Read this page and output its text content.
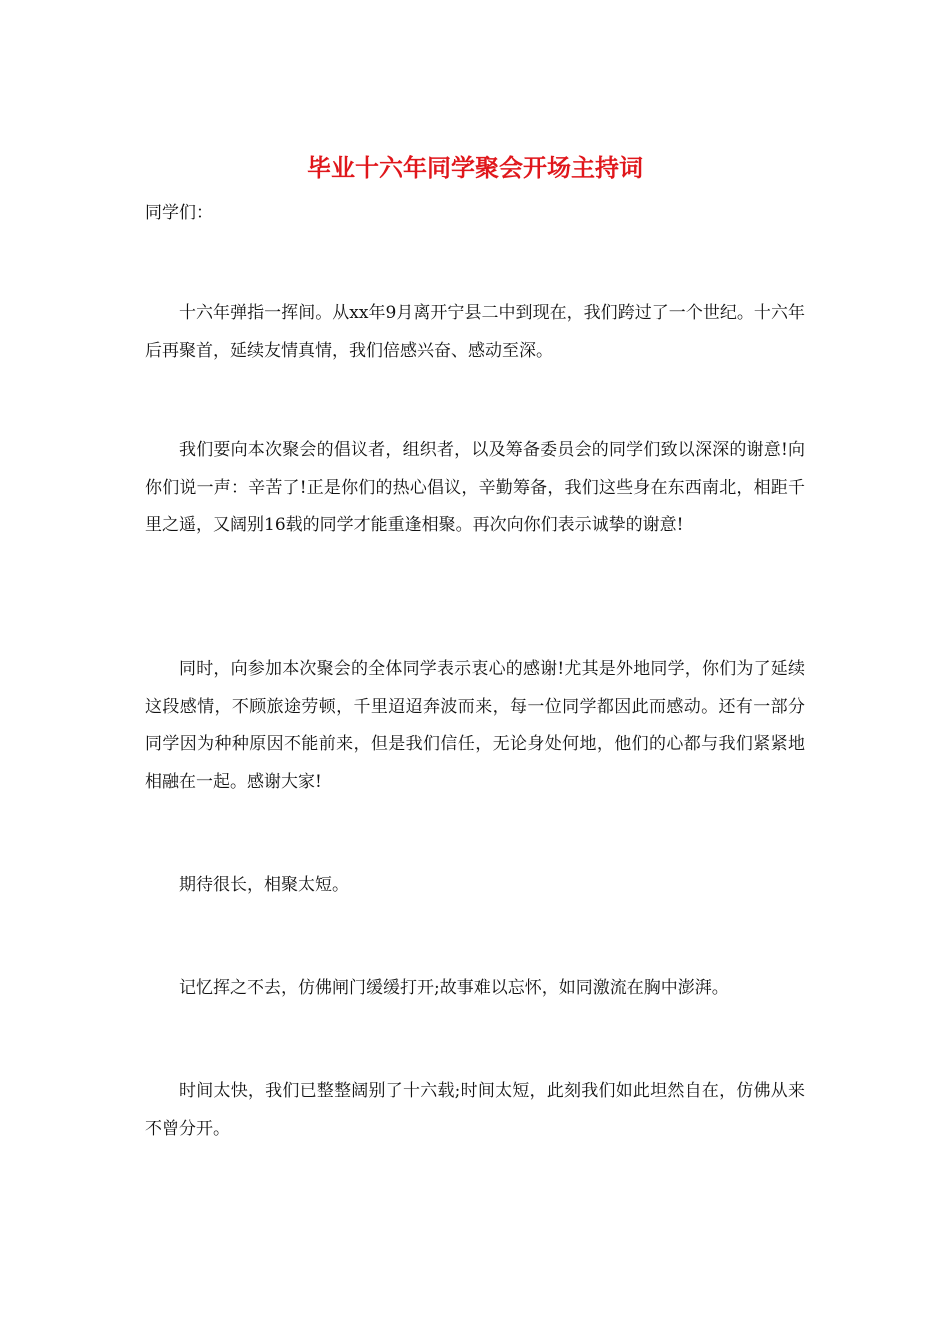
毕业十六年同学聚会开场主持词

同学们：

十六年弹指一挥间。从xx年9月离开宁县二中到现在，我们跨过了一个世纪。十六年后再聚首，延续友情真情，我们倍感兴奋、感动至深。

我们要向本次聚会的倡议者，组织者，以及筹备委员会的同学们致以深深的谢意!向你们说一声：辛苦了!正是你们的热心倡议，辛勤筹备，我们这些身在东西南北，相距千里之遥，又阔别16载的同学才能重逢相聚。再次向你们表示诚挚的谢意!

同时，向参加本次聚会的全体同学表示衷心的感谢!尤其是外地同学，你们为了延续这段感情，不顾旅途劳顿，千里迢迢奔波而来，每一位同学都因此而感动。还有一部分同学因为种种原因不能前来，但是我们信任，无论身处何地，他们的心都与我们紧紧地相融在一起。感谢大家!

期待很长，相聚太短。

记忆挥之不去，仿佛闸门缓缓打开;故事难以忘怀，如同激流在胸中澎湃。

时间太快，我们已整整阔别了十六载;时间太短，此刻我们如此坦然自在，仿佛从来不曾分开。
